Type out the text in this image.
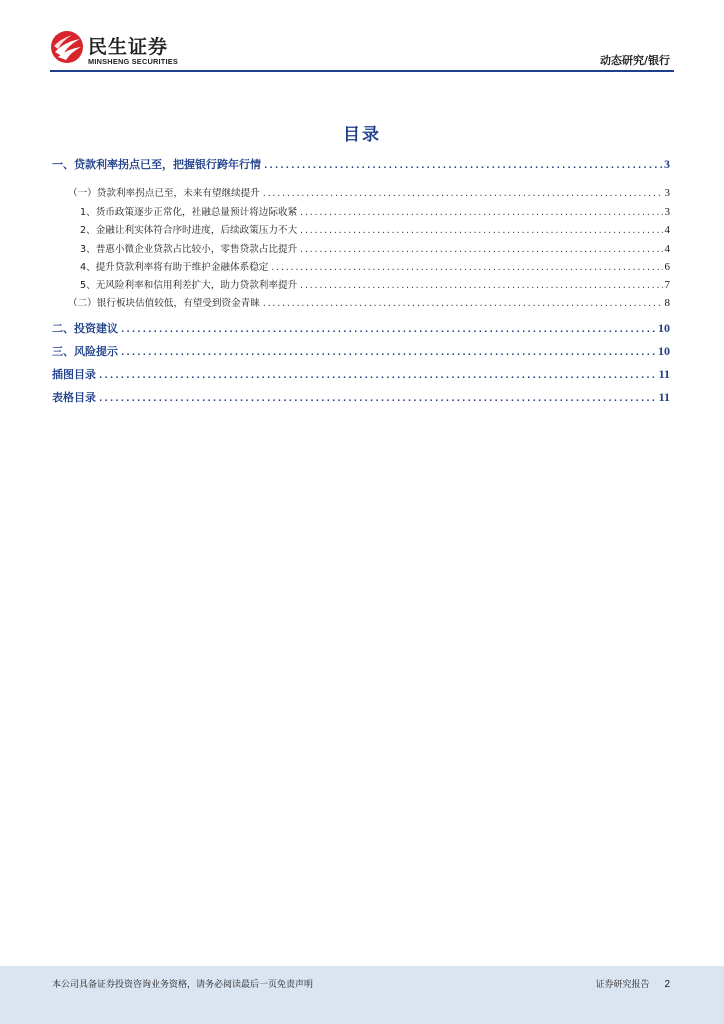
民生证券
MINSHENG SECURITIES	动态研究/银行
目录
一、贷款利率拐点已至，把握银行跨年行情 .....	3
（一）贷款利率拐点已至，未来有望继续提升 .....	3
1、货币政策逐步正常化，社融总量预计将边际收紧 .....	3
2、金融让利实体符合序时进度，后续政策压力不大 .....	4
3、普惠小微企业贷款占比较小，零售贷款占比提升 .....	4
4、提升贷款利率将有助于维护金融体系稳定 .....	6
5、无风险利率和信用利差扩大，助力贷款利率提升 .....	7
（二）银行板块估值较低，有望受到资金青睐 .....	8
二、投资建议 .....	10
三、风险提示 .....	10
插图目录 .....	11
表格目录 .....	11
本公司具备证券投资咨询业务资格，请务必阅读最后一页免责声明	证券研究报告 2
